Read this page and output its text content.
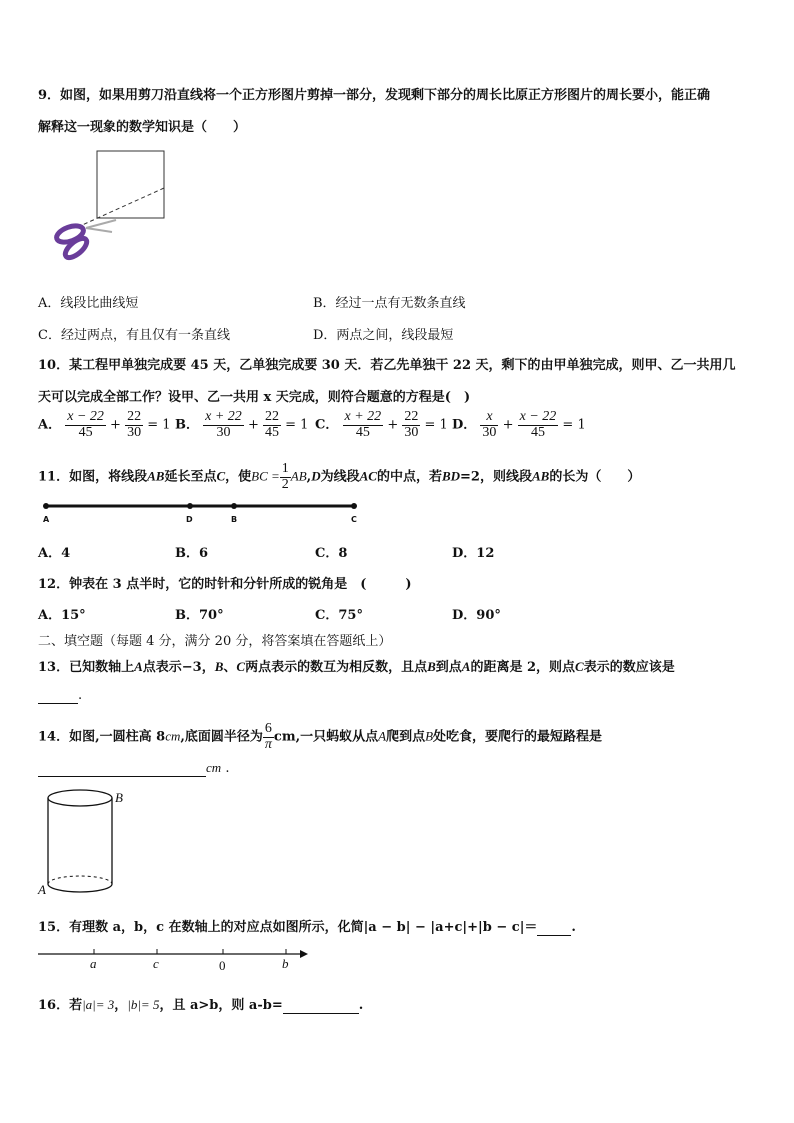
9．如图，如果用剪刀沿直线将一个正方形图片剪掉一部分，发现剩下部分的周长比原正方形图片的周长要小，能正确
解释这一现象的数学知识是（　　）
A．线段比曲线短	B．经过一点有无数条直线
C．经过两点，有且仅有一条直线	D．两点之间，线段最短
10．某工程甲单独完成要 45 天，乙单独完成要 30 天．若乙先单独干 22 天，剩下的由甲单独完成，则甲、乙一共用几
天可以完成全部工作？设甲、乙一共用 x 天完成，则符合题意的方程是(　)
A． $\frac{x - 22}{45} + \frac{22}{30} = 1$ B． $\frac{x + 22}{30} + \frac{22}{45} = 1$ C． $\frac{x + 22}{45} + \frac{22}{30} = 1$ D． $\frac{x}{30} + \frac{x - 22}{45} = 1$
11．如图，将线段AB延长至点C，使BC = $\frac{1}{2} AB,D$为线段AC的中点，若BD=2，则线段AB的长为（　　）
A	D	B	C
A．4	B．6	C．8	D．12
12．钟表在 3 点半时，它的时针和分针所成的锐角是　(　　　)
A．15°	B．70°	C．75°	D．90°
二、填空题（每题 4 分，满分 20 分，将答案填在答题纸上）
13．已知数轴上A点表示−3，B、C两点表示的数互为相反数，且点B到点A的距离是 2，则点C表示的数应该是
.
14．如图,一圆柱高 8cm,底面圆半径为 $\frac{6}{\pi}$ cm,一只蚂蚁从点A爬到点B处吃食，要爬行的最短路程是
cm .
B
A
15．有理数 a，b，c 在数轴上的对应点如图所示，化简|a − b| − |a+c|+|b − c|＝	.
a	c	0	b
16．若|a|= 3，|b|= 5，且 a>b，则 a-b=	.
